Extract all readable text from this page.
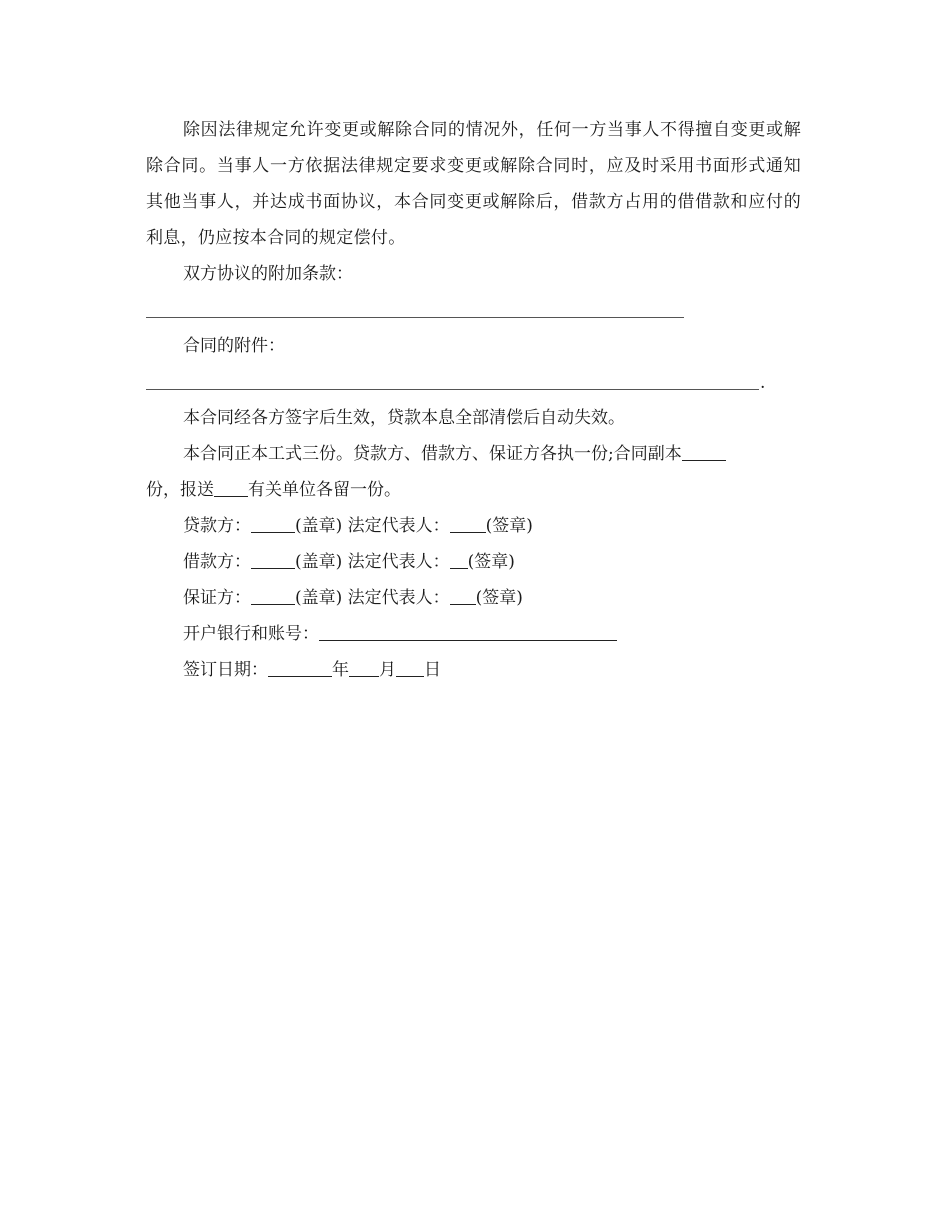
除因法律规定允许变更或解除合同的情况外，任何一方当事人不得擅自变更或解除合同。当事人一方依据法律规定要求变更或解除合同时，应及时采用书面形式通知其他当事人，并达成书面协议，本合同变更或解除后，借款方占用的借借款和应付的利息，仍应按本合同的规定偿付。

双方协议的附加条款：

合同的附件：

.

本合同经各方签字后生效，贷款本息全部清偿后自动失效。

本合同正本工式三份。贷款方、借款方、保证方各执一份;合同副本

份，报送 有关单位各留一份。

贷款方：	(盖章) 法定代表人： (签章)

借款方：	(盖章) 法定代表人： (签章)

保证方：	(盖章) 法定代表人： (签章)

开户银行和账号：

签订日期：	年 月 日
